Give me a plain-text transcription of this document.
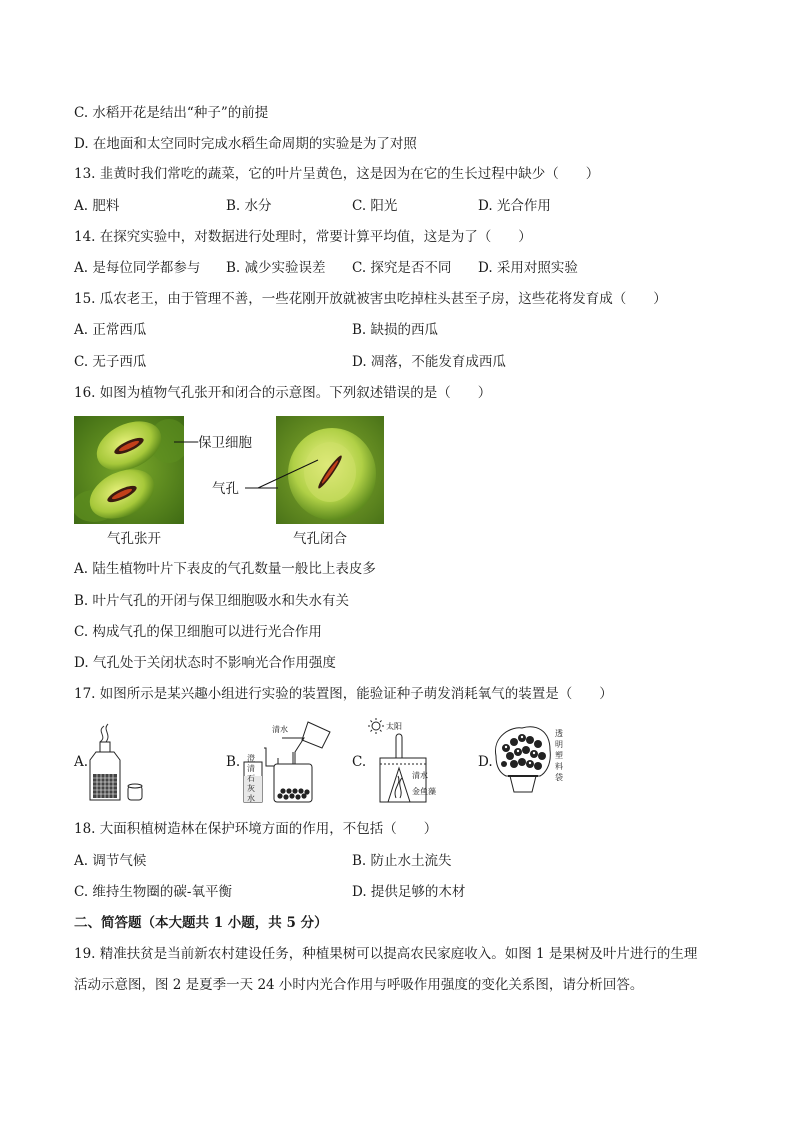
C. 水稻开花是结出“种子”的前提
D. 在地面和太空同时完成水稻生命周期的实验是为了对照
13. 韭黄时我们常吃的蔬菜，它的叶片呈黄色，这是因为在它的生长过程中缺少（　　）
A. 肥料	B. 水分	C. 阳光	D. 光合作用
14. 在探究实验中，对数据进行处理时，常要计算平均值，这是为了（　　）
A. 是每位同学都参与 B. 减少实验误差 C. 探究是否不同 D. 采用对照实验
15. 瓜农老王，由于管理不善，一些花刚开放就被害虫吃掉柱头甚至子房，这些花将发育成（　　）
A. 正常西瓜	B. 缺损的西瓜
C. 无子西瓜	D. 凋落，不能发育成西瓜
16. 如图为植物气孔张开和闭合的示意图。下列叙述错误的是（　　）
保卫细胞
气孔
气孔张开	气孔闭合
A. 陆生植物叶片下表皮的气孔数量一般比上表皮多
B. 叶片气孔的开闭与保卫细胞吸水和失水有关
C. 构成气孔的保卫细胞可以进行光合作用
D. 气孔处于关闭状态时不影响光合作用强度
17. 如图所示是某兴趣小组进行实验的装置图，能验证种子萌发消耗氧气的装置是（　　）
A.	B.
清水
澄
清
石
灰
水
C.
太阳
清水
金鱼藻
D.
透
明
塑
料
袋
18. 大面积植树造林在保护环境方面的作用，不包括（　　）
A. 调节气候	B. 防止水土流失
C. 维持生物圈的碳-氧平衡	D. 提供足够的木材
二、简答题（本大题共 1 小题，共 5 分）
19. 精准扶贫是当前新农村建设任务，种植果树可以提高农民家庭收入。如图 1 是果树及叶片进行的生理
活动示意图，图 2 是夏季一天 24 小时内光合作用与呼吸作用强度的变化关系图，请分析回答。
